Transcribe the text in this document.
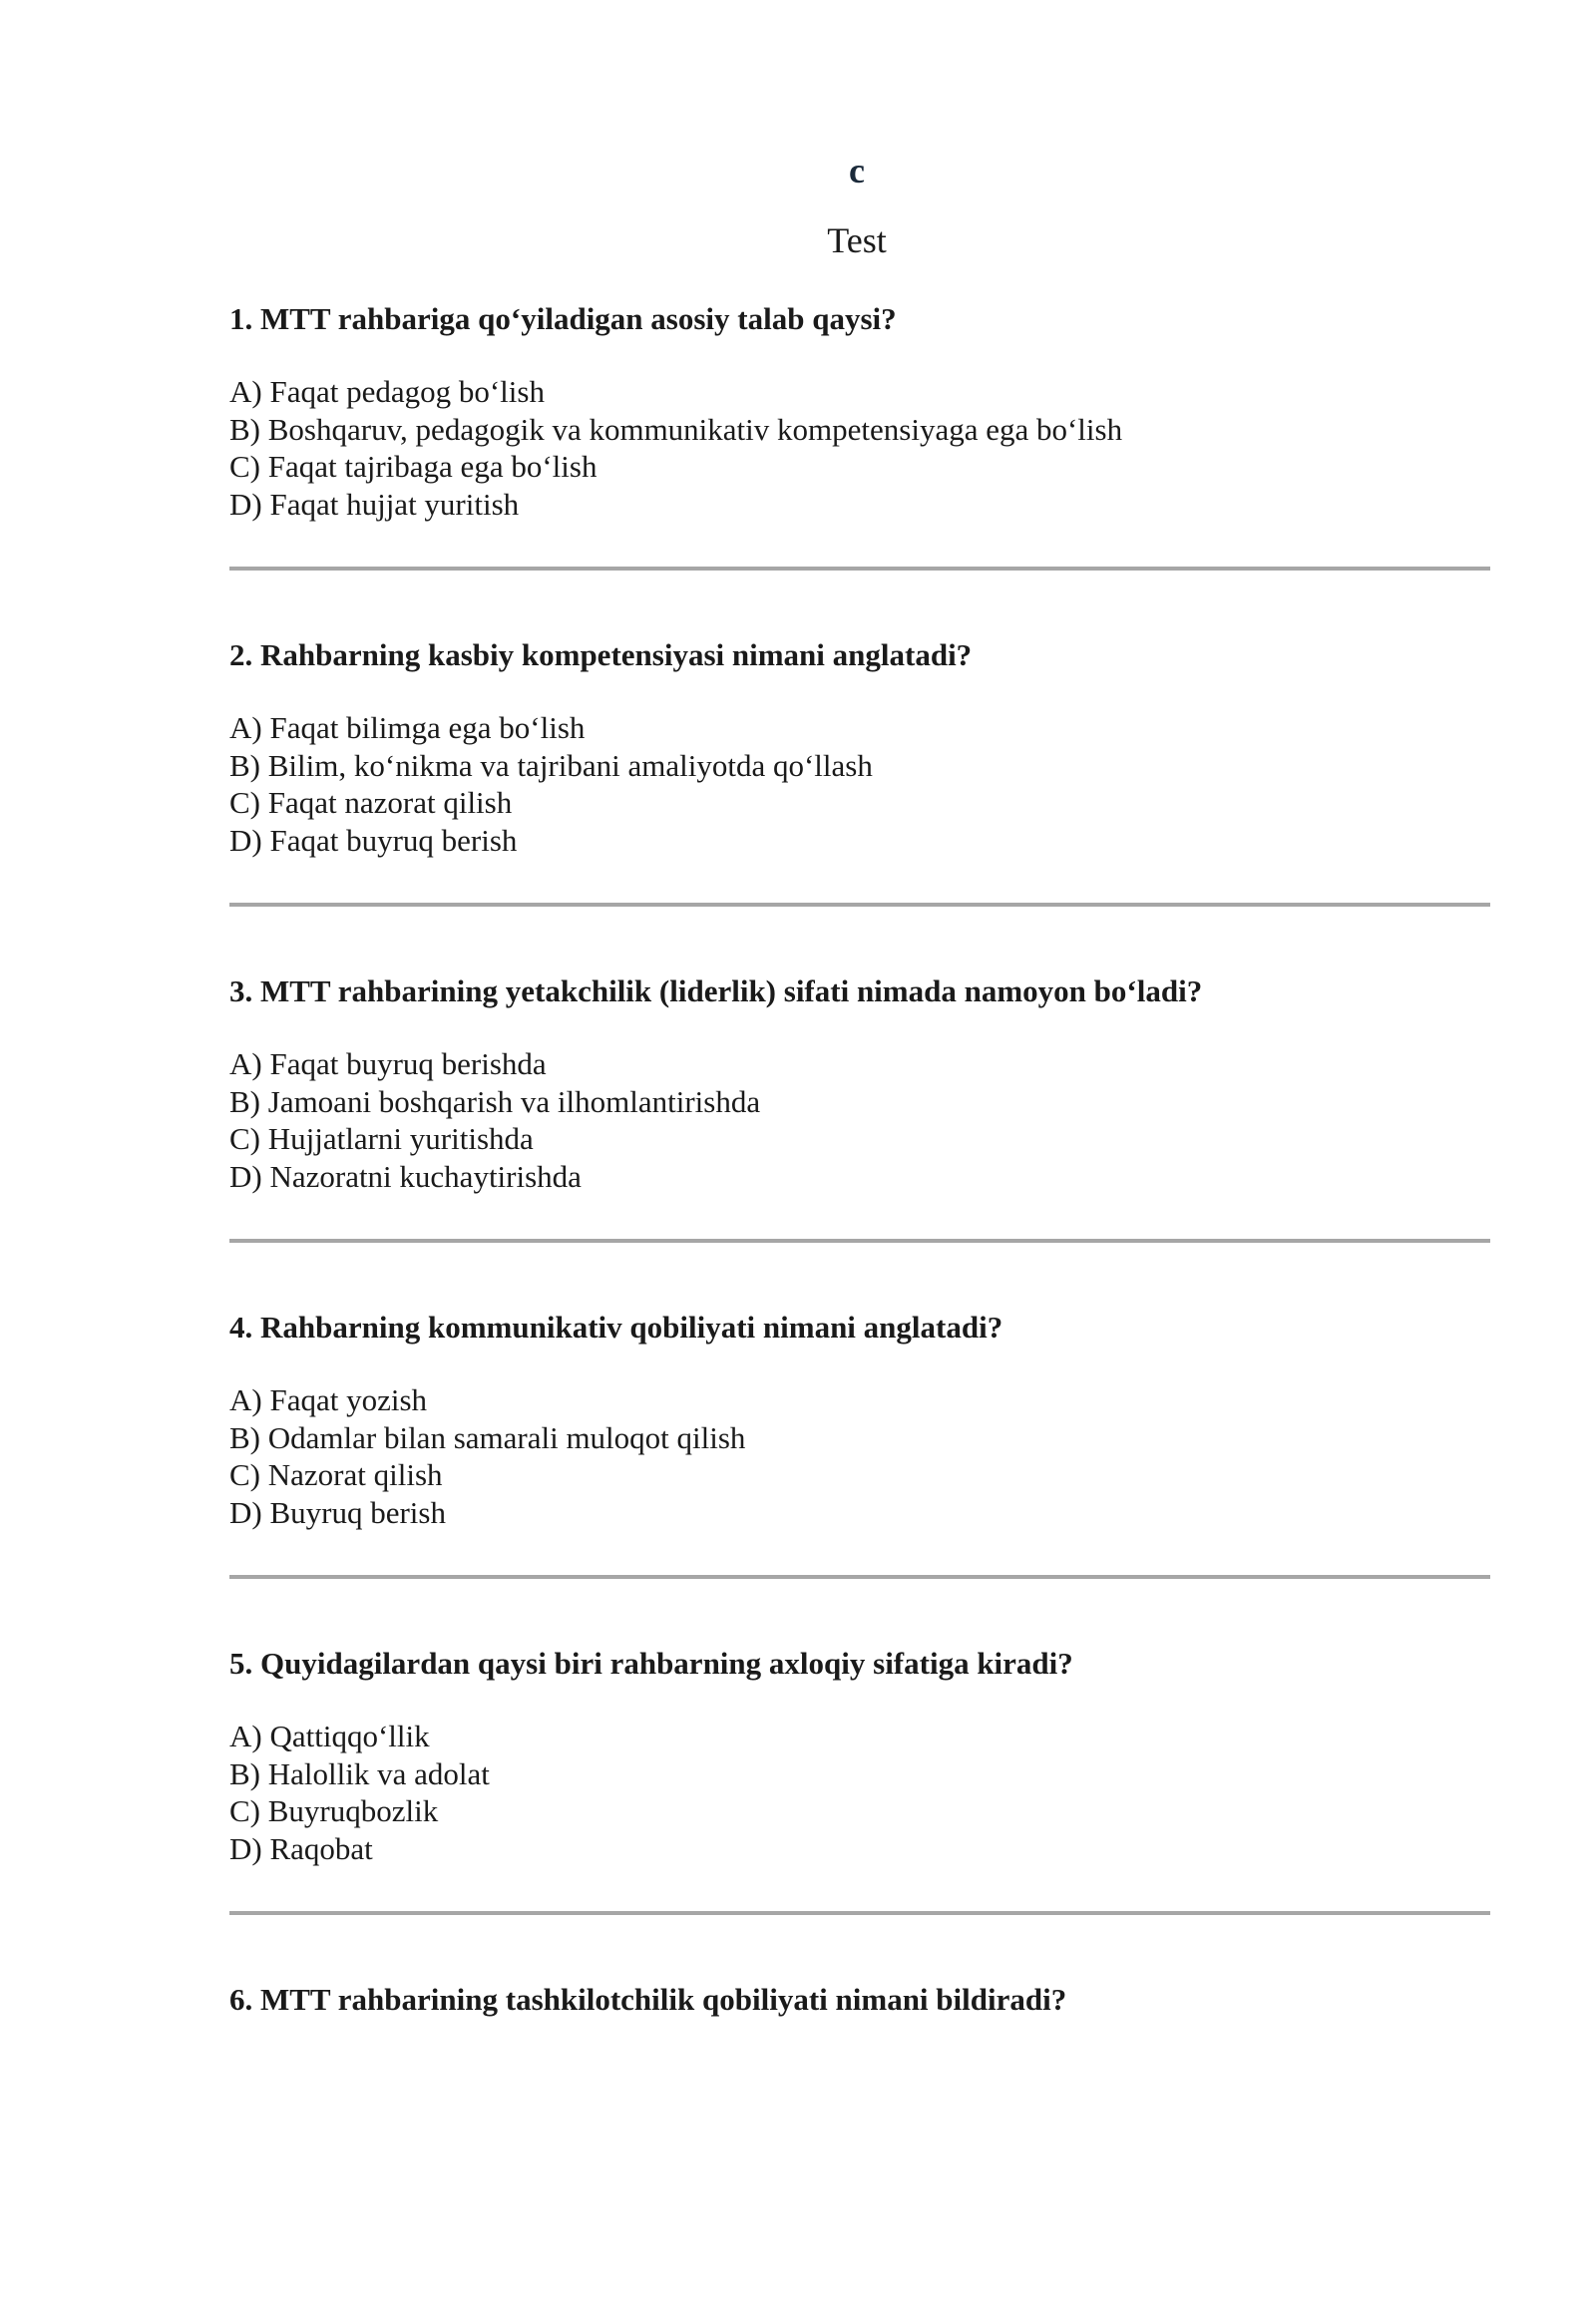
c
Test

1. MTT rahbariga qo‘yiladigan asosiy talab qaysi?

A) Faqat pedagog bo‘lish
B) Boshqaruv, pedagogik va kommunikativ kompetensiyaga ega bo‘lish
C) Faqat tajribaga ega bo‘lish
D) Faqat hujjat yuritish

2. Rahbarning kasbiy kompetensiyasi nimani anglatadi?

A) Faqat bilimga ega bo‘lish
B) Bilim, ko‘nikma va tajribani amaliyotda qo‘llash
C) Faqat nazorat qilish
D) Faqat buyruq berish

3. MTT rahbarining yetakchilik (liderlik) sifati nimada namoyon bo‘ladi?

A) Faqat buyruq berishda
B) Jamoani boshqarish va ilhomlantirishda
C) Hujjatlarni yuritishda
D) Nazoratni kuchaytirishda

4. Rahbarning kommunikativ qobiliyati nimani anglatadi?

A) Faqat yozish
B) Odamlar bilan samarali muloqot qilish
C) Nazorat qilish
D) Buyruq berish

5. Quyidagilardan qaysi biri rahbarning axloqiy sifatiga kiradi?

A) Qattiqqo‘llik
B) Halollik va adolat
C) Buyruqbozlik
D) Raqobat

6. MTT rahbarining tashkilotchilik qobiliyati nimani bildiradi?
